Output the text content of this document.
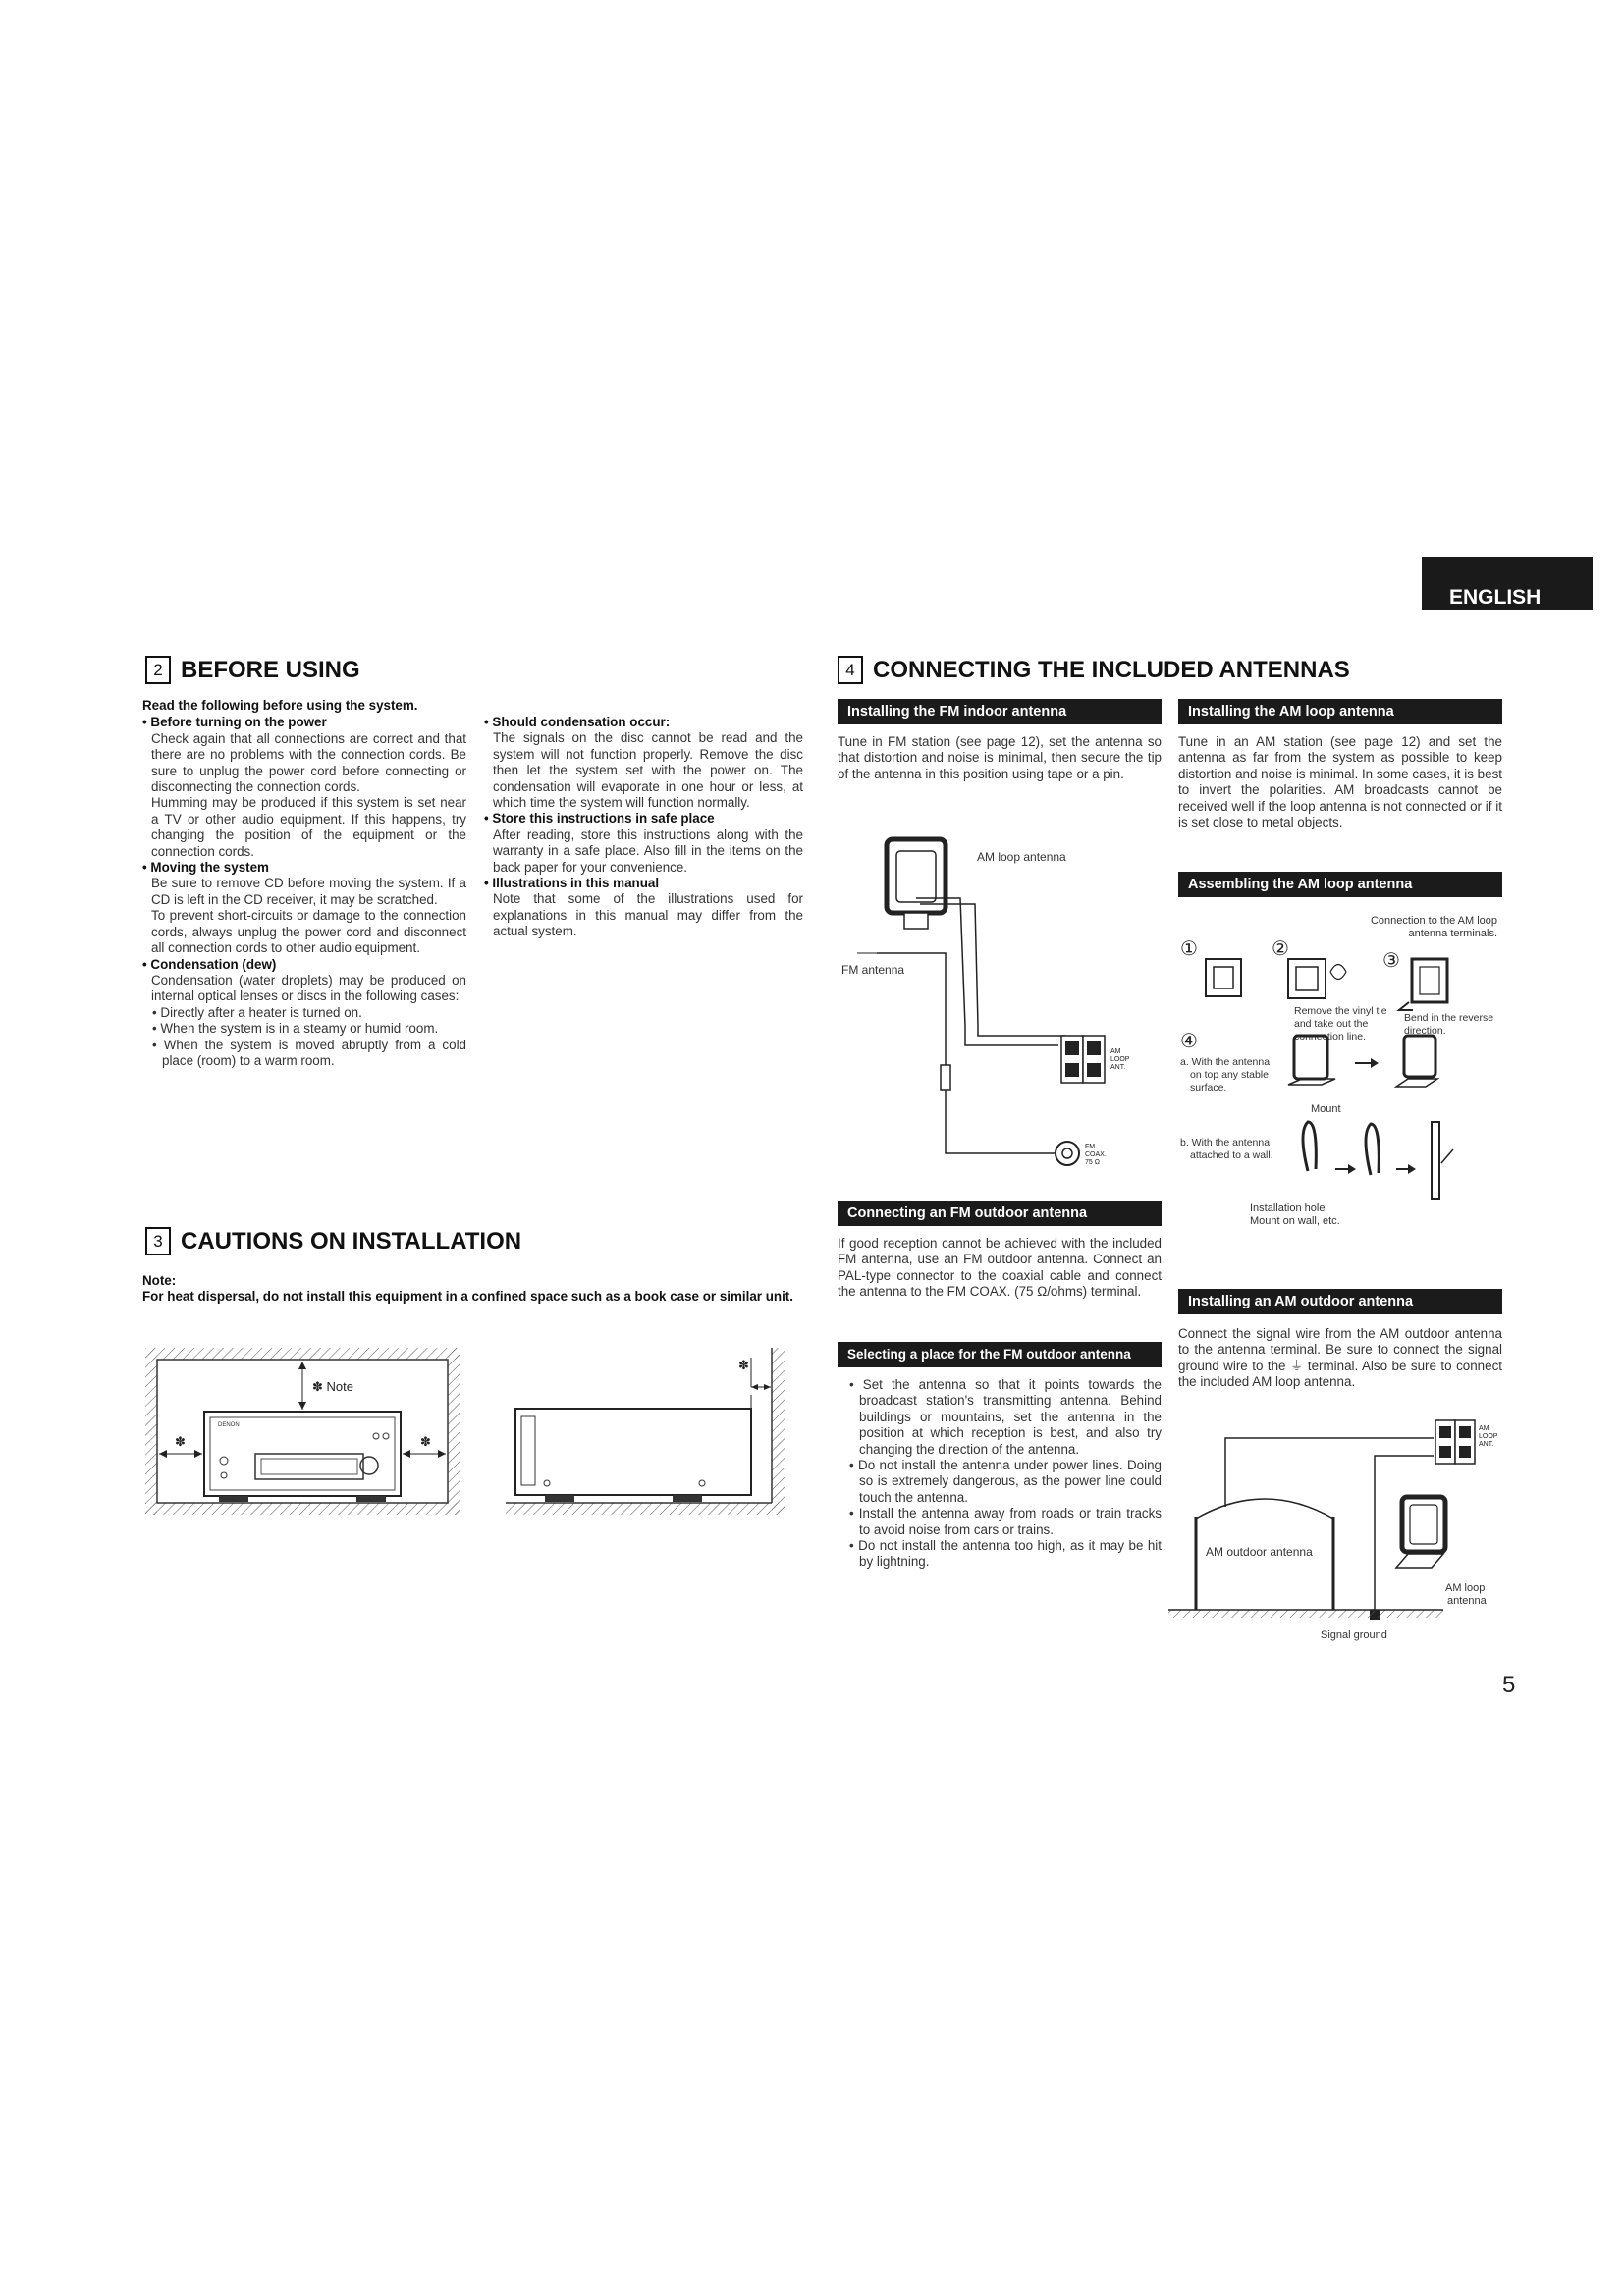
ENGLISH
2 BEFORE USING

Read the following before using the system.

• Before turning on the power

Check again that all connections are correct and that there are no problems with the connection cords. Be sure to unplug the power cord before connecting or disconnecting the connection cords.

Humming may be produced if this system is set near a TV or other audio equipment. If this happens, try changing the position of the equipment or the connection cords.

• Moving the system

Be sure to remove CD before moving the system. If a CD is left in the CD receiver, it may be scratched.

To prevent short-circuits or damage to the connection cords, always unplug the power cord and disconnect all connection cords to other audio equipment.

• Condensation (dew)

Condensation (water droplets) may be produced on internal optical lenses or discs in the following cases:

• Directly after a heater is turned on.

• When the system is in a steamy or humid room.

• When the system is moved abruptly from a cold place (room) to a warm room.

• Should condensation occur:

The signals on the disc cannot be read and the system will not function properly. Remove the disc then let the system set with the power on. The condensation will evaporate in one hour or less, at which time the system will function normally.

• Store this instructions in safe place

After reading, store this instructions along with the warranty in a safe place. Also fill in the items on the back paper for your convenience.

• Illustrations in this manual

Note that some of the illustrations used for explanations in this manual may differ from the actual system.

3 CAUTIONS ON INSTALLATION

Note:

For heat dispersal, do not install this equipment in a confined space such as a book case or similar unit.

DENON
✽ Note
✽	✽
✽
4 CONNECTING THE INCLUDED ANTENNAS
Installing the FM indoor antenna

Tune in FM station (see page 12), set the antenna so that distortion and noise is minimal, then secure the tip of the antenna in this position using tape or a pin.

AM loop antenna
FM antenna
AM LOOP ANT.
FM COAX. 75 Ω
Connecting an FM outdoor antenna

If good reception cannot be achieved with the included FM antenna, use an FM outdoor antenna. Connect an PAL-type connector to the coaxial cable and connect the antenna to the FM COAX. (75 Ω/ohms) terminal.

Selecting a place for the FM outdoor antenna

• Set the antenna so that it points towards the broadcast station's transmitting antenna. Behind buildings or mountains, set the antenna in the position at which reception is best, and also try changing the direction of the antenna.

• Do not install the antenna under power lines. Doing so is extremely dangerous, as the power line could touch the antenna.

• Install the antenna away from roads or train tracks to avoid noise from cars or trains.

• Do not install the antenna too high, as it may be hit by lightning.

Installing the AM loop antenna

Tune in an AM station (see page 12) and set the antenna as far from the system as possible to keep distortion and noise is minimal. In some cases, it is best to invert the polarities. AM broadcasts cannot be received well if the loop antenna is not connected or if it is set close to metal objects.

Assembling the AM loop antenna
Connection to the AM loop antenna terminals.
①	②
③
④
Remove the vinyl tie and take out the connection line.
Bend in the reverse direction.
a. With the antenna on top any stable surface.
Mount
b. With the antenna attached to a wall.
Installation hole
Mount on wall, etc.
Installing an AM outdoor antenna

Connect the signal wire from the AM outdoor antenna to the antenna terminal. Be sure to connect the signal ground wire to the ⏚ terminal. Also be sure to connect the included AM loop antenna.

AM LOOP ANT.
AM outdoor antenna
AM loop antenna
Signal ground
5
